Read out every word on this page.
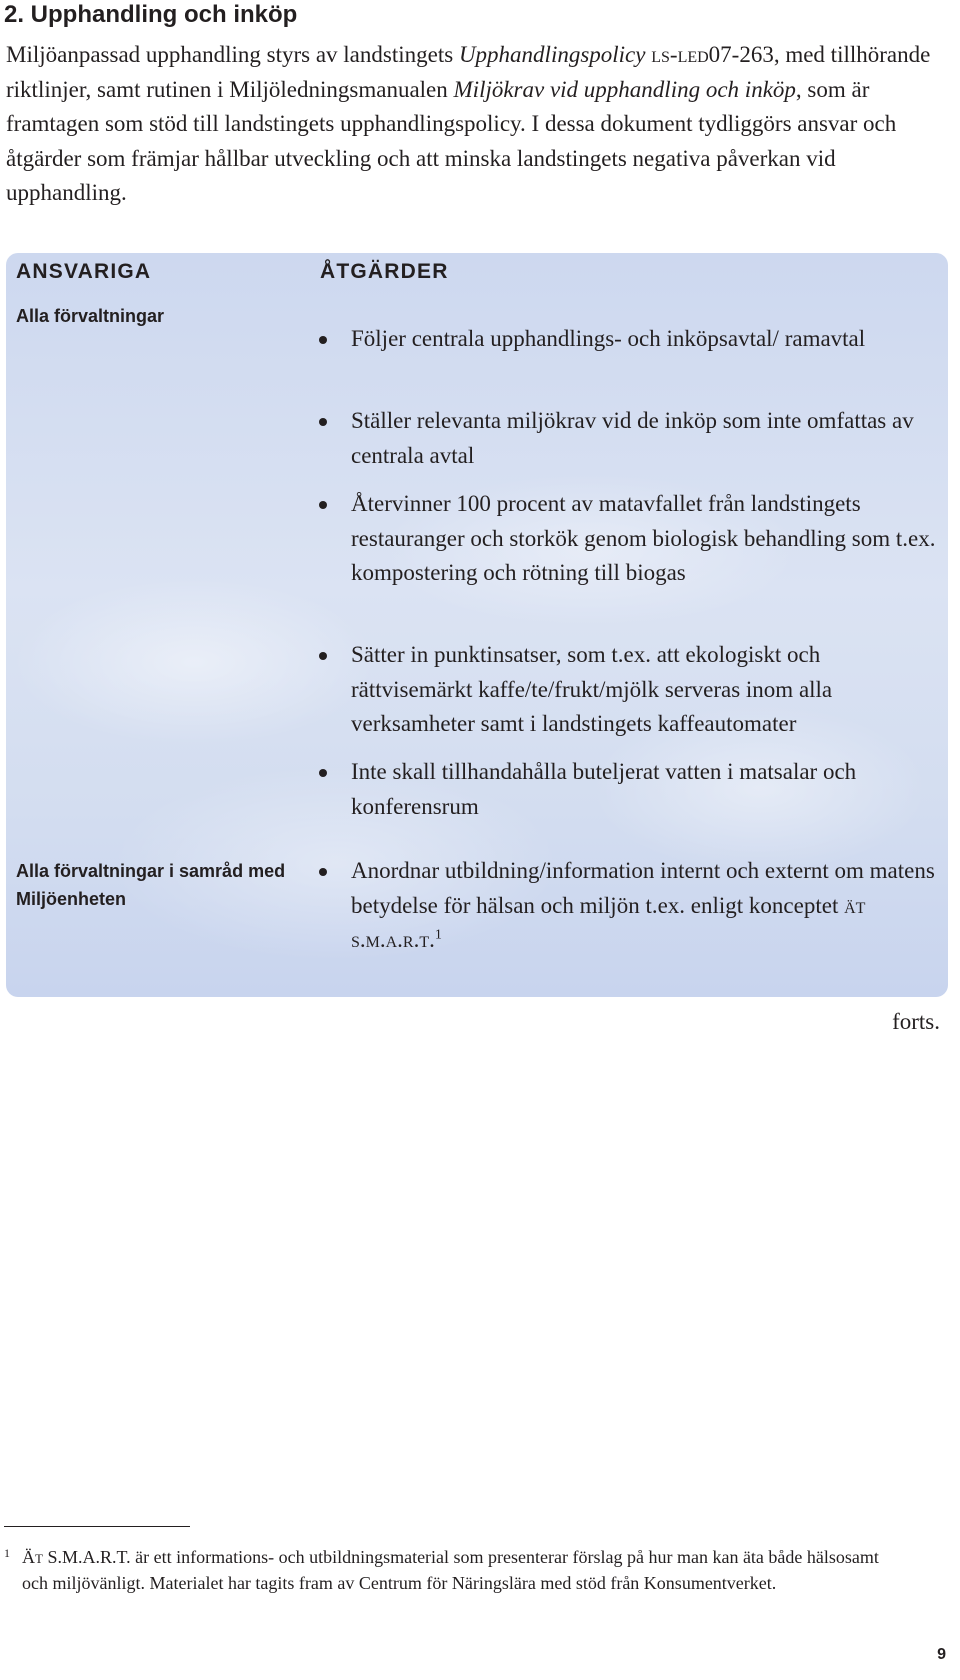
2. Upphandling och inköp

Miljöanpassad upphandling styrs av landstingets Upphandlingspolicy ls-led07-263, med tillhörande riktlinjer, samt rutinen i Miljöledningsmanualen Miljökrav vid upphandling och inköp, som är framtagen som stöd till landstingets upphandlingspolicy. I dessa dokument tydliggörs ansvar och åtgärder som främjar hållbar utveckling och att minska landstingets negativa påverkan vid upphandling.

ANSVARIGA	ÅTGÄRDER

Alla förvaltningar

Följer centrala upphandlings- och inköpsavtal/ ramavtal
Ställer relevanta miljökrav vid de inköp som inte omfattas av centrala avtal
Återvinner 100 procent av matavfallet från landstingets restauranger och storkök genom biologisk behandling som t.ex. kompostering och rötning till biogas
Sätter in punktinsatser, som t.ex. att ekologiskt och rättvisemärkt kaffe/te/frukt/mjölk serveras inom alla verksamheter samt i landstingets kaffeautomater
Inte skall tillhandahålla buteljerat vatten i matsalar och konferensrum

Alla förvaltningar i samråd med Miljöenheten

Anordnar utbildning/information internt och externt om matens betydelse för hälsan och miljön t.ex. enligt konceptet ät s.m.a.r.t.$^1$
forts.
1 Ät S.M.A.R.T. är ett informations- och utbildningsmaterial som presenterar förslag på hur man kan äta både hälsosamt
och miljövänligt. Materialet har tagits fram av Centrum för Näringslära med stöd från Konsumentverket.
9
